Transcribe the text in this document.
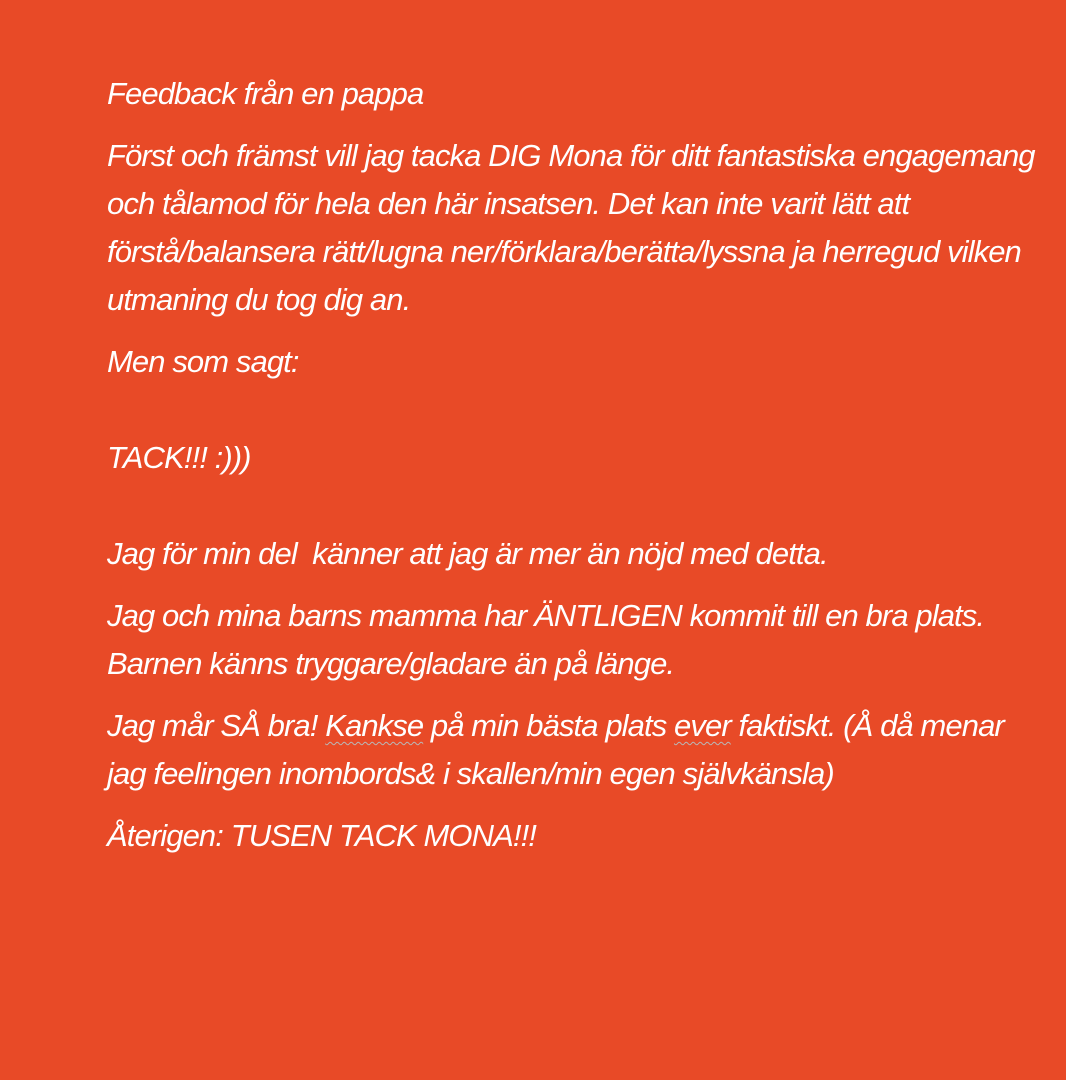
Feedback från en pappa

Först och främst vill jag tacka DIG Mona för ditt fantastiska engagemang och tålamod för hela den här insatsen. Det kan inte varit lätt att förstå/balansera rätt/lugna ner/förklara/berätta/lyssna ja herregud vilken utmaning du tog dig an.

Men som sagt:

TACK!!! :)))

Jag för min del  känner att jag är mer än nöjd med detta.

Jag och mina barns mamma har ÄNTLIGEN kommit till en bra plats. Barnen känns tryggare/gladare än på länge.

Jag mår SÅ bra! Kankse på min bästa plats ever faktiskt. (Å då menar jag feelingen inombords& i skallen/min egen självkänsla)

Återigen: TUSEN TACK MONA!!!
